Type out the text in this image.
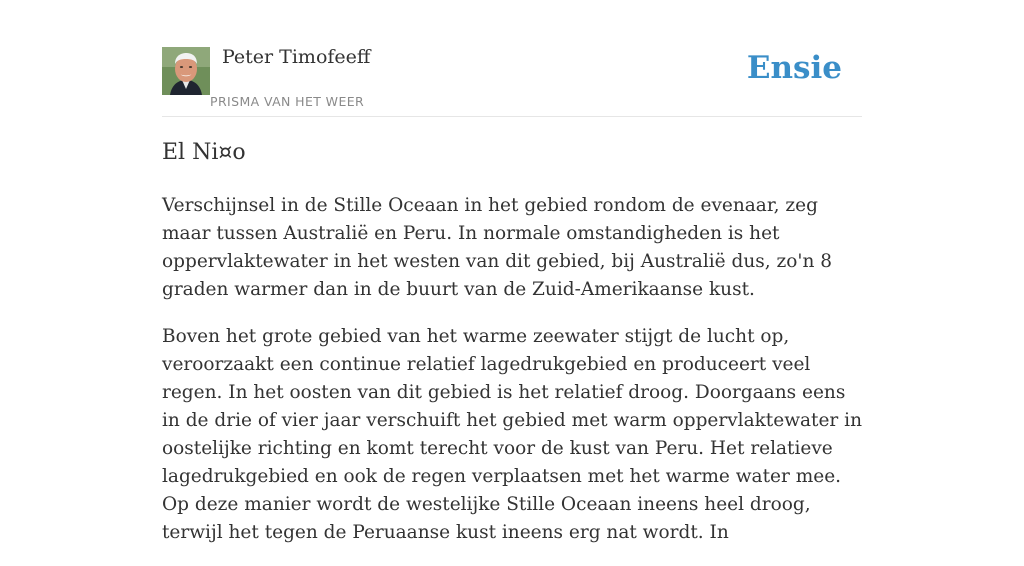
Peter Timofeeff
PRISMA VAN HET WEER
Ensie
El Ni¤o

Verschijnsel in de Stille Oceaan in het gebied rondom de evenaar, zeg maar tussen Australië en Peru. In normale omstandigheden is het oppervlaktewater in het westen van dit gebied, bij Australië dus, zo'n 8 graden warmer dan in de buurt van de Zuid-Amerikaanse kust.

Boven het grote gebied van het warme zeewater stijgt de lucht op, veroorzaakt een continue relatief lagedrukgebied en produceert veel regen. In het oosten van dit gebied is het relatief droog. Doorgaans eens in de drie of vier jaar verschuift het gebied met warm oppervlaktewater in oostelijke richting en komt terecht voor de kust van Peru. Het relatieve lagedrukgebied en ook de regen verplaatsen met het warme water mee. Op deze manier wordt de westelijke Stille Oceaan ineens heel droog, terwijl het tegen de Peruaanse kust ineens erg nat wordt. In
